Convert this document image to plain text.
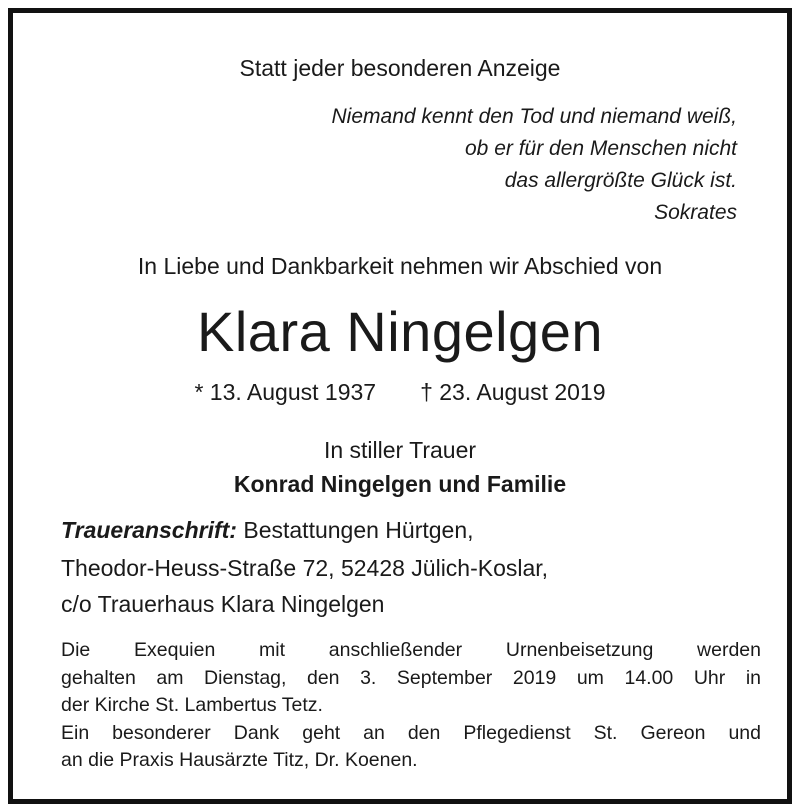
Statt jeder besonderen Anzeige
Niemand kennt den Tod und niemand weiß,
ob er für den Menschen nicht
das allergrößte Glück ist.
Sokrates
In Liebe und Dankbarkeit nehmen wir Abschied von
Klara Ningelgen
* 13. August 1937 † 23. August 2019
In stiller Trauer
Konrad Ningelgen und Familie
Traueranschrift: Bestattungen Hürtgen,
Theodor-Heuss-Straße 72, 52428 Jülich-Koslar,
c/o Trauerhaus Klara Ningelgen
Die Exequien mit anschließender Urnenbeisetzung werden
gehalten am Dienstag, den 3. September 2019 um 14.00 Uhr in
der Kirche St. Lambertus Tetz.
Ein besonderer Dank geht an den Pflegedienst St. Gereon und
an die Praxis Hausärzte Titz, Dr. Koenen.
